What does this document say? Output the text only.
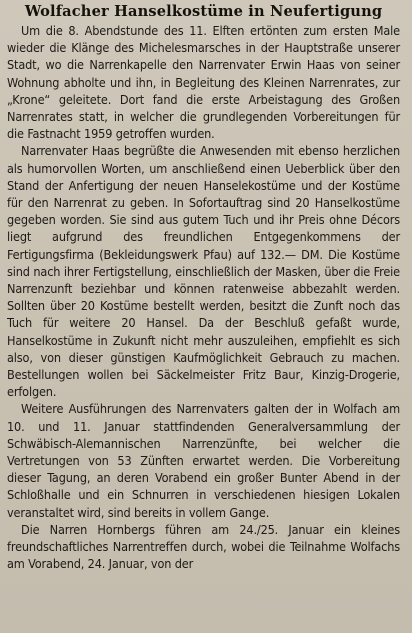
Wolfacher Hanselkostüme in Neufertigung

Um die 8. Abendstunde des 11. Elften ertönten zum ersten Male wieder die Klänge des Michelesmarsches in der Hauptstraße unserer Stadt, wo die Narrenkapelle den Narrenvater Erwin Haas von seiner Wohnung abholte und ihn, in Begleitung des Kleinen Narrenrates, zur „Krone“ geleitete. Dort fand die erste Arbeistagung des Großen Narrenrates statt, in welcher die grundlegenden Vorbereitungen für die Fastnacht 1959 getroffen wurden.

Narrenvater Haas begrüßte die Anwesenden mit ebenso herzlichen als humorvollen Worten, um anschließend einen Ueberblick über den Stand der Anfertigung der neuen Hanselekostüme und der Kostüme für den Narrenrat zu geben. In Sofortauftrag sind 20 Hanselkostüme gegeben worden. Sie sind aus gutem Tuch und ihr Preis ohne Décors liegt aufgrund des freundlichen Entgegenkommens der Fertigungsfirma (Bekleidungswerk Pfau) auf 132.— DM. Die Kostüme sind nach ihrer Fertigstellung, einschließlich der Masken, über die Freie Narrenzunft beziehbar und können ratenweise abbezahlt werden. Sollten über 20 Kostüme bestellt werden, besitzt die Zunft noch das Tuch für weitere 20 Hansel. Da der Beschluß gefaßt wurde, Hanselkostüme in Zukunft nicht mehr auszuleihen, empfiehlt es sich also, von dieser günstigen Kaufmöglichkeit Gebrauch zu machen. Bestellungen wollen bei Säckelmeister Fritz Baur, Kinzig-Drogerie, erfolgen.

Weitere Ausführungen des Narrenvaters galten der in Wolfach am 10. und 11. Januar stattfindenden Generalversammlung der Schwäbisch-Alemannischen Narrenzünfte, bei welcher die Vertretungen von 53 Zünften erwartet werden. Die Vorbereitung dieser Tagung, an deren Vorabend ein großer Bunter Abend in der Schloßhalle und ein Schnurren in verschiedenen hiesigen Lokalen veranstaltet wird, sind bereits in vollem Gange.

Die Narren Hornbergs führen am 24./25. Januar ein kleines freundschaftliches Narrentreffen durch, wobei die Teilnahme Wolfachs am Vorabend, 24. Januar, von der
